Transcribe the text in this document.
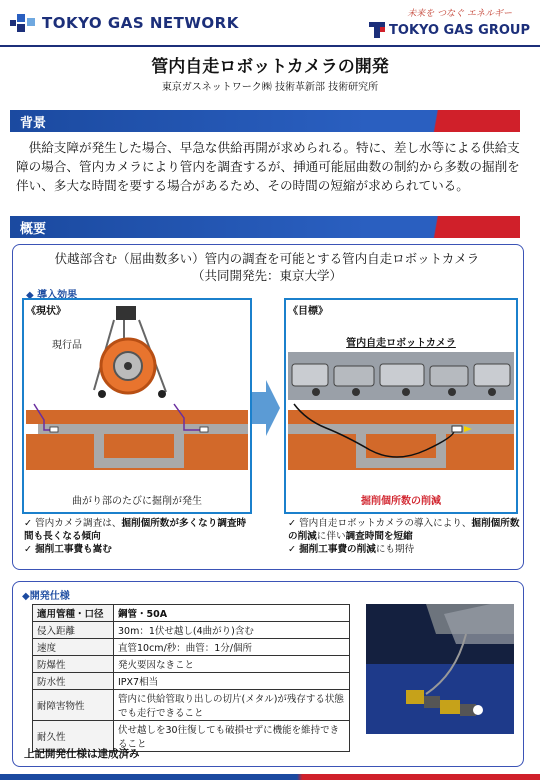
TOKYO GAS NETWORK	未来を つなぐ エネルギー
TOKYO GAS GROUP
管内自走ロボットカメラの開発
東京ガスネットワーク㈱ 技術革新部 技術研究所
背景
供給支障が発生した場合、早急な供給再開が求められる。特に、差し水等による供給支障の場合、管内カメラにより管内を調査するが、挿通可能屈曲数の制約から多数の掘削を伴い、多大な時間を要する場合があるため、その時間の短縮が求められている。
概要
伏越部含む（屈曲数多い）管内の調査を可能とする管内自走ロボットカメラ
（共同開発先：東京大学）
◆ 導入効果
《現状》
現行品
曲がり部のたびに掘削が発生
《目標》
管内自走ロボットカメラ
掘削個所数の削減
✓ 管内カメラ調査は、掘削個所数が多くなり調査時間も長くなる傾向
✓ 掘削工事費も嵩む
✓ 管内自走ロボットカメラの導入により、掘削個所数の削減に伴い調査時間を短縮
✓ 掘削工事費の削減にも期待
◆開発仕様
適用管種・口径	鋼管・50A
侵入距離	30m：1伏せ越し(4曲がり)含む
速度	直管10cm/秒：曲管：1分/個所
防爆性	発火要因なきこと
防水性	IPX7相当
耐障害物性	管内に供給管取り出しの切片(メタル)が残存する状態でも走行できること
耐久性	伏せ越しを30往復しても破損せずに機能を維持できること
上記開発仕様は達成済み
